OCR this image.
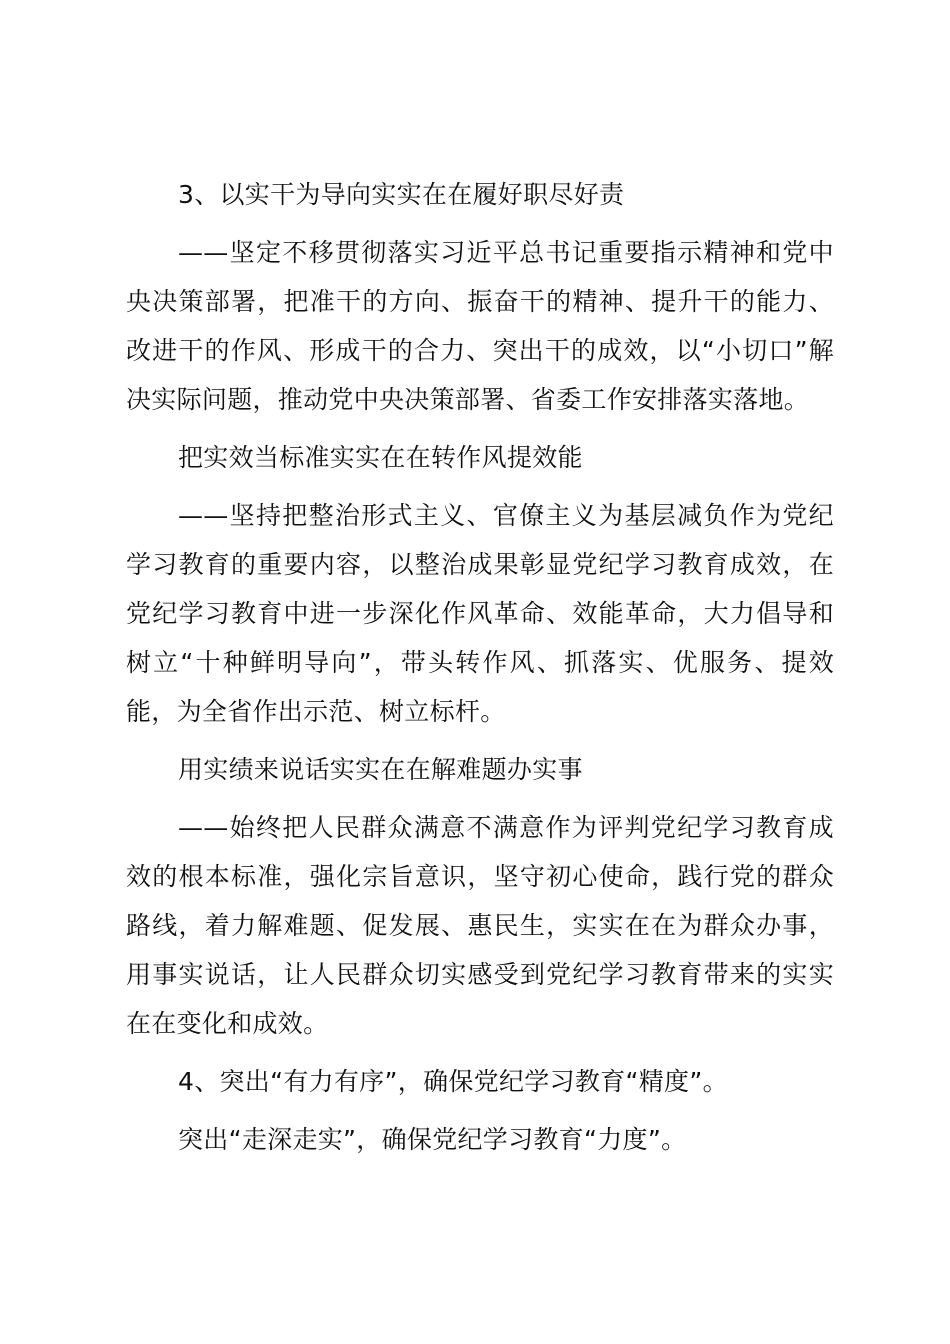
3、以实干为导向实实在在履好职尽好责

——坚定不移贯彻落实习近平总书记重要指示精神和党中央决策部署，把准干的方向、振奋干的精神、提升干的能力、改进干的作风、形成干的合力、突出干的成效，以“小切口”解决实际问题，推动党中央决策部署、省委工作安排落实落地。

把实效当标准实实在在转作风提效能

——坚持把整治形式主义、官僚主义为基层减负作为党纪学习教育的重要内容，以整治成果彰显党纪学习教育成效，在党纪学习教育中进一步深化作风革命、效能革命，大力倡导和树立“十种鲜明导向”，带头转作风、抓落实、优服务、提效能，为全省作出示范、树立标杆。

用实绩来说话实实在在解难题办实事

——始终把人民群众满意不满意作为评判党纪学习教育成效的根本标准，强化宗旨意识，坚守初心使命，践行党的群众路线，着力解难题、促发展、惠民生，实实在在为群众办事，用事实说话，让人民群众切实感受到党纪学习教育带来的实实在在变化和成效。

4、突出“有力有序”，确保党纪学习教育“精度”。

突出“走深走实”，确保党纪学习教育“力度”。
